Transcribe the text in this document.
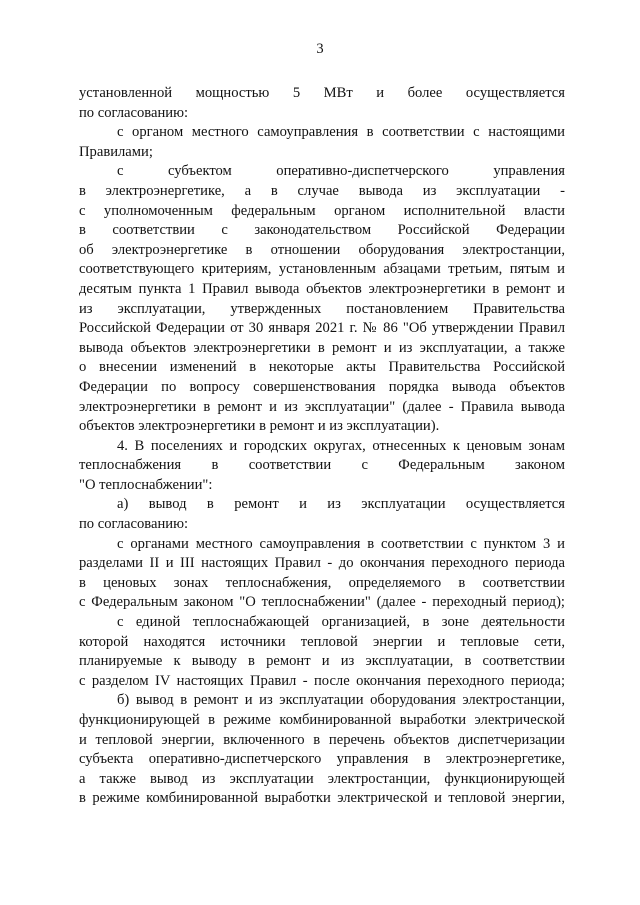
3
установленной мощностью 5 МВт и более осуществляется
по согласованию:
с органом местного самоуправления в соответствии с настоящими
Правилами;
с субъектом оперативно-диспетчерского управления
в электроэнергетике, а в случае вывода из эксплуатации -
с уполномоченным федеральным органом исполнительной власти
в соответствии с законодательством Российской Федерации
об электроэнергетике в отношении оборудования электростанции,
соответствующего критериям, установленным абзацами третьим, пятым и
десятым пункта 1 Правил вывода объектов электроэнергетики в ремонт и
из эксплуатации, утвержденных постановлением Правительства
Российской Федерации от 30 января 2021 г. № 86 "Об утверждении Правил
вывода объектов электроэнергетики в ремонт и из эксплуатации, а также
о внесении изменений в некоторые акты Правительства Российской
Федерации по вопросу совершенствования порядка вывода объектов
электроэнергетики в ремонт и из эксплуатации" (далее - Правила вывода
объектов электроэнергетики в ремонт и из эксплуатации).
4. В поселениях и городских округах, отнесенных к ценовым зонам
теплоснабжения в соответствии с Федеральным законом
"О теплоснабжении":
а) вывод в ремонт и из эксплуатации осуществляется
по согласованию:
с органами местного самоуправления в соответствии с пунктом 3 и
разделами II и III настоящих Правил - до окончания переходного периода
в ценовых зонах теплоснабжения, определяемого в соответствии
с Федеральным законом "О теплоснабжении" (далее - переходный период);
с единой теплоснабжающей организацией, в зоне деятельности
которой находятся источники тепловой энергии и тепловые сети,
планируемые к выводу в ремонт и из эксплуатации, в соответствии
с разделом IV настоящих Правил - после окончания переходного периода;
б) вывод в ремонт и из эксплуатации оборудования электростанции,
функционирующей в режиме комбинированной выработки электрической
и тепловой энергии, включенного в перечень объектов диспетчеризации
субъекта оперативно-диспетчерского управления в электроэнергетике,
а также вывод из эксплуатации электростанции, функционирующей
в режиме комбинированной выработки электрической и тепловой энергии,
